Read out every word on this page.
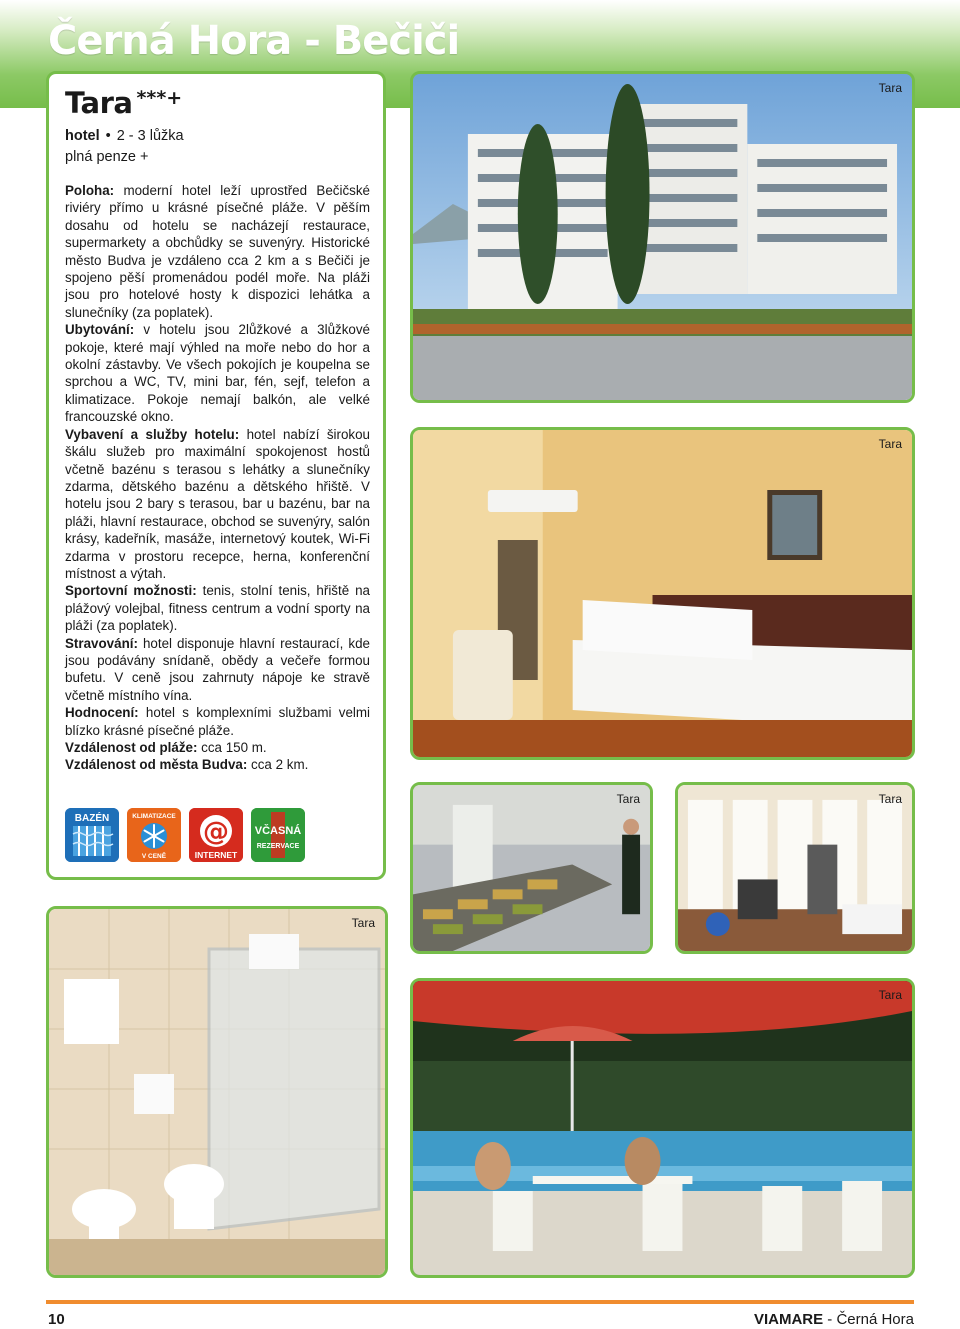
Černá Hora - Bečiči
Tara ***+
hotel • 2 - 3 lůžka
plná penze +

Poloha: moderní hotel leží uprostřed Bečičské riviéry přímo u krásné písečné pláže. V pěším dosahu od hotelu se nacházejí restaurace, supermarkety a obchůdky se suvenýry. Historické město Budva je vzdáleno cca 2 km a s Bečiči je spojeno pěší promenádou podél moře. Na pláži jsou pro hotelové hosty k dispozici lehátka a slunečníky (za poplatek).

Ubytování: v hotelu jsou 2lůžkové a 3lůžkové pokoje, které mají výhled na moře nebo do hor a okolní zástavby. Ve všech pokojích je koupelna se sprchou a WC, TV, mini bar, fén, sejf, telefon a klimatizace. Pokoje nemají balkón, ale velké francouzské okno.

Vybavení a služby hotelu: hotel nabízí širokou škálu služeb pro maximální spokojenost hostů včetně bazénu s terasou s lehátky a slunečníky zdarma, dětského bazénu a dětského hřiště. V hotelu jsou 2 bary s terasou, bar u bazénu, bar na pláži, hlavní restaurace, obchod se suvenýry, salón krásy, kadeřník, masáže, internetový koutek, Wi-Fi zdarma v prostoru recepce, herna, konferenční místnost a výtah.

Sportovní možnosti: tenis, stolní tenis, hřiště na plážový volejbal, fitness centrum a vodní sporty na pláži (za poplatek).

Stravování: hotel disponuje hlavní restaurací, kde jsou podávány snídaně, obědy a večeře formou bufetu. V ceně jsou zahrnuty nápoje ke stravě včetně místního vína.

Hodnocení: hotel s komplexními službami velmi blízko krásné písečné pláže.

Vzdálenost od pláže: cca 150 m.

Vzdálenost od města Budva: cca 2 km.

BAZÉN	KLIMATIZACE
V CENĚ
@
INTERNET
VČASNÁ
REZERVACE
Tara
Tara
Tara	Tara
Tara
Tara
10	VIAMARE - Černá Hora
